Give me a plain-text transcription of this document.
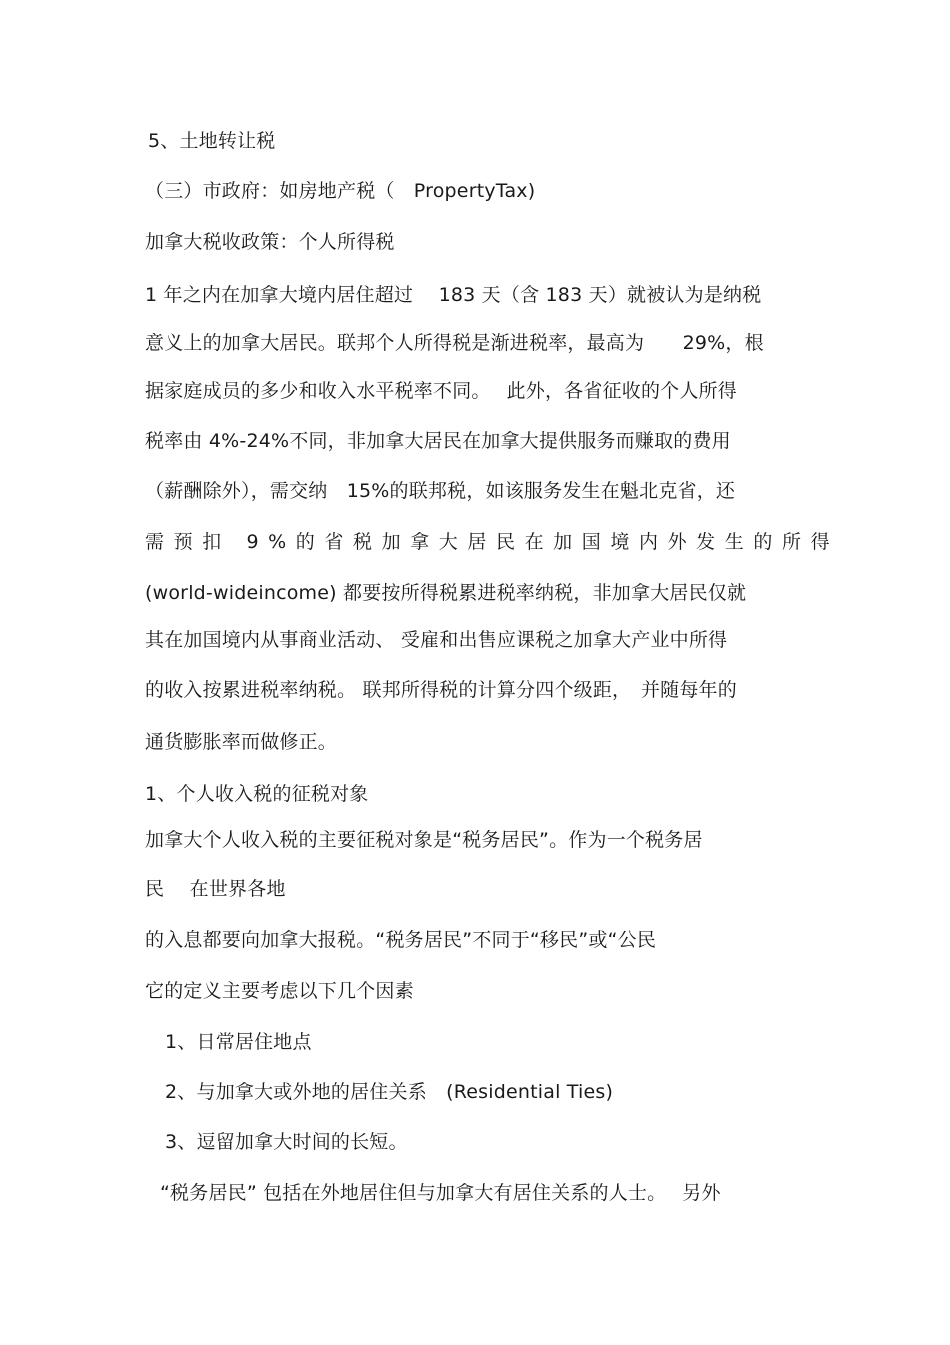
5、土地转让税
（三）市政府：如房地产税（　PropertyTax)
加拿大税收政策：个人所得税
1 年之内在加拿大境内居住超过　 183 天（含 183 天）就被认为是纳税
意义上的加拿大居民。联邦个人所得税是渐进税率，最高为　　29%，根
据家庭成员的多少和收入水平税率不同。　 此外，各省征收的个人所得
税率由 4%-24%不同，非加拿大居民在加拿大提供服务而赚取的费用
（薪酬除外），需交纳　15%的联邦税，如该服务发生在魁北克省，还
需预扣 9%的省税加拿大居民在加国境内外发生的所得
(world-wideincome) 都要按所得税累进税率纳税，非加拿大居民仅就
其在加国境内从事商业活动、 受雇和出售应课税之加拿大产业中所得
的收入按累进税率纳税。 联邦所得税的计算分四个级距，　并随每年的
通货膨胀率而做修正。
1、个人收入税的征税对象
加拿大个人收入税的主要征税对象是“税务居民”。作为一个税务居
民　 在世界各地
的入息都要向加拿大报税。“税务居民”不同于“移民”或“公民
它的定义主要考虑以下几个因素
1、日常居住地点
2、与加拿大或外地的居住关系　(Residential Ties)
3、逗留加拿大时间的长短。
“税务居民” 包括在外地居住但与加拿大有居住关系的人士。　 另外
